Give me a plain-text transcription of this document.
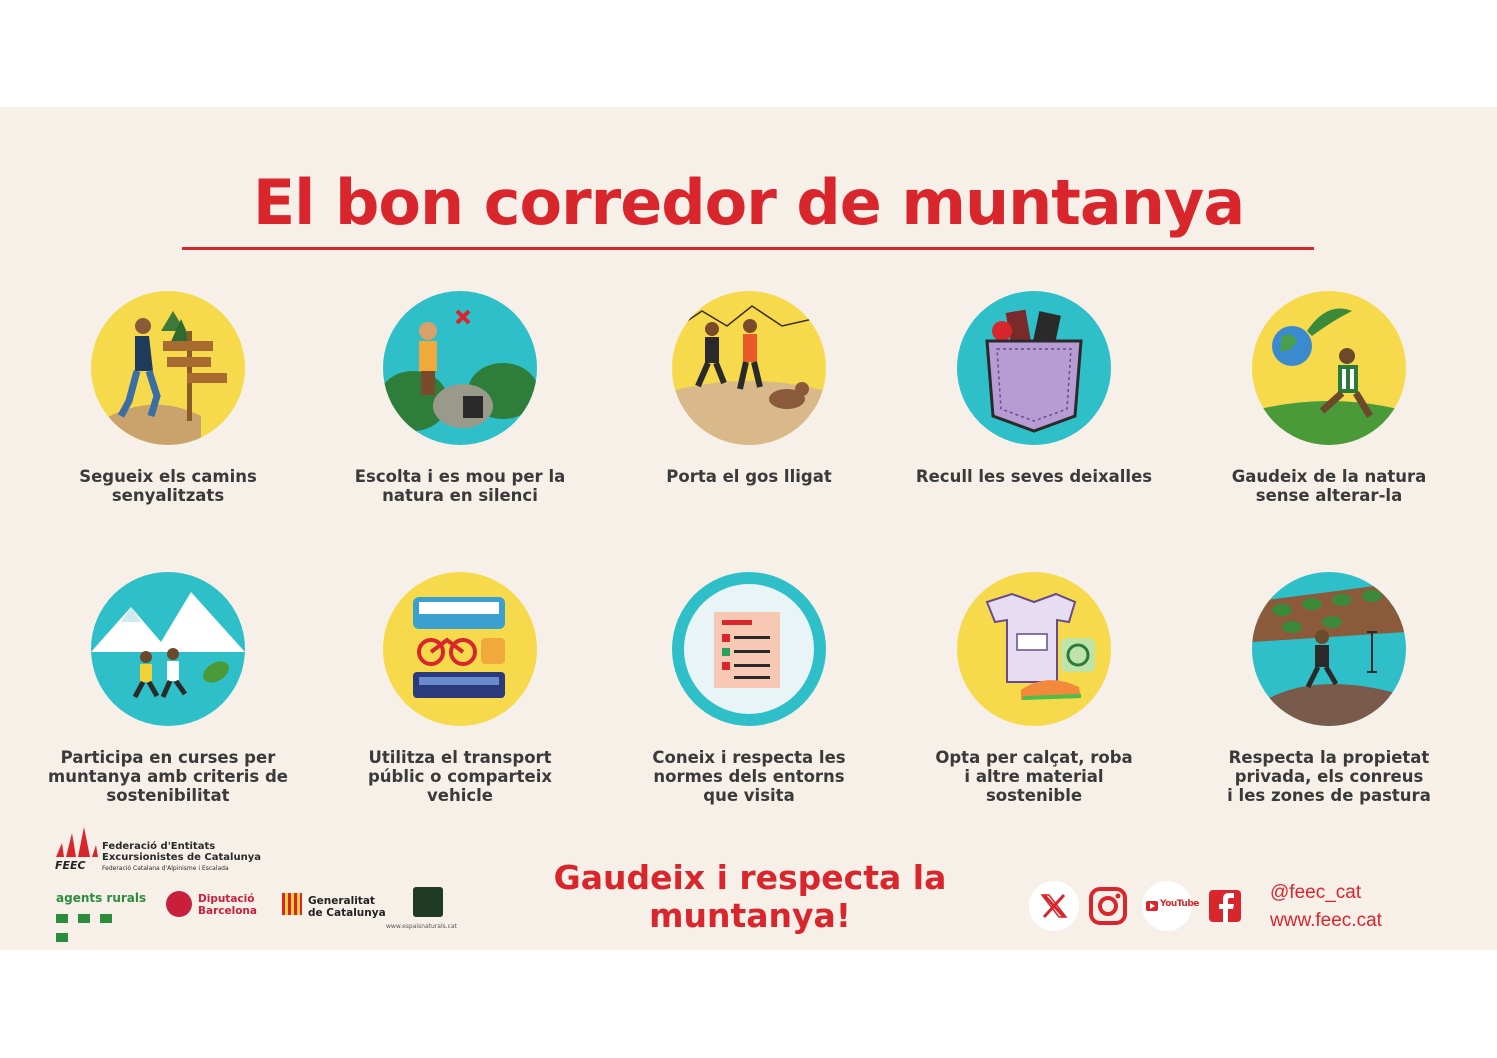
El bon corredor de muntanya
Segueix els camins
senyalitzats
Escolta i es mou per la
natura en silenci
Porta el gos lligat	Recull les seves deixalles	Gaudeix de la natura
sense alterar-la
Participa en curses per
muntanya amb criteris de
sostenibilitat
Utilitza el transport
públic o comparteix
vehicle
Coneix i respecta les
normes dels entorns
que visita
Opta per calçat, roba
i altre material
sostenible
Respecta la propietat
privada, els conreus
i les zones de pastura
FEEC
Federació d'Entitats
Excursionistes de Catalunya
Federació Catalana d'Alpinisme i Escalada
agents rurals	Diputació
Barcelona
Generalitat
de Catalunya
www.espaisnaturals.cat
Gaudeix i respecta la
muntanya!	YouTube
@feec_cat
www.feec.cat
